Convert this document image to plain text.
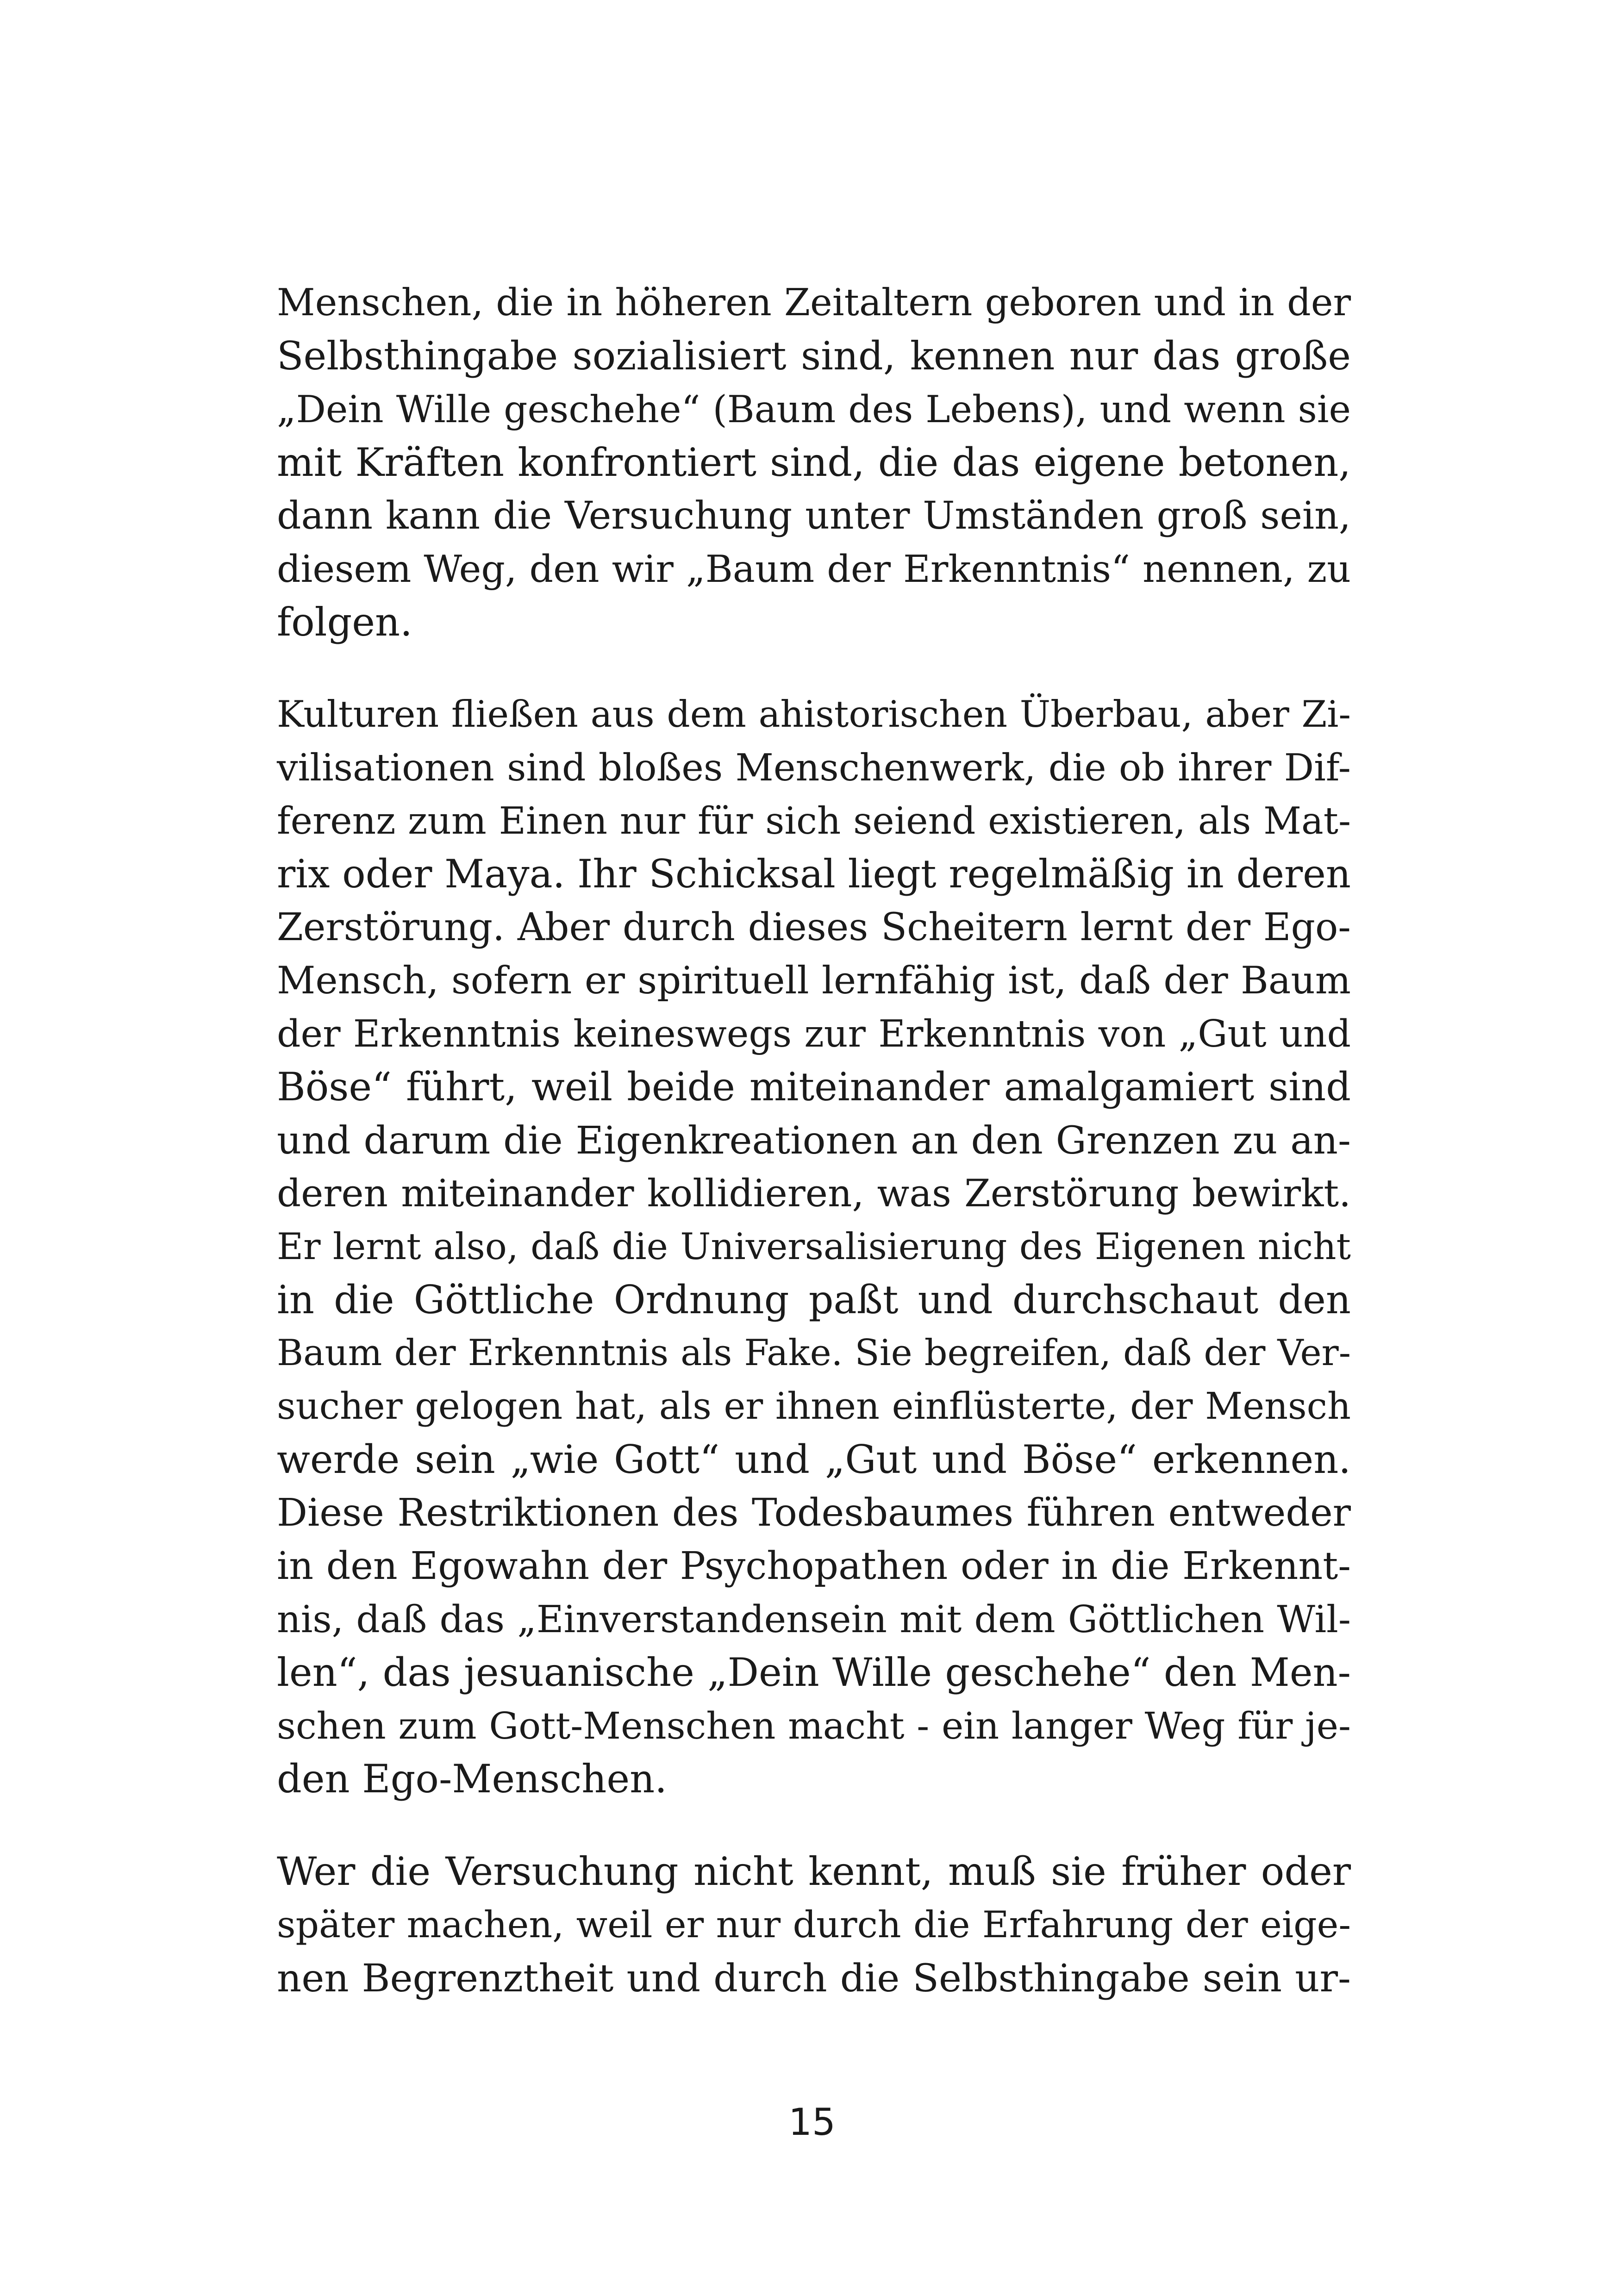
Menschen, die in höheren Zeitaltern geboren und in der
Selbsthingabe sozialisiert sind, kennen nur das große
„Dein Wille geschehe“ (Baum des Lebens), und wenn sie
mit Kräften konfrontiert sind, die das eigene betonen,
dann kann die Versuchung unter Umständen groß sein,
diesem Weg, den wir „Baum der Erkenntnis“ nennen, zu
folgen.
Kulturen fließen aus dem ahistorischen Überbau, aber Zi-
vilisationen sind bloßes Menschenwerk, die ob ihrer Dif-
ferenz zum Einen nur für sich seiend existieren, als Mat-
rix oder Maya. Ihr Schicksal liegt regelmäßig in deren
Zerstörung. Aber durch dieses Scheitern lernt der Ego-
Mensch, sofern er spirituell lernfähig ist, daß der Baum
der Erkenntnis keineswegs zur Erkenntnis von „Gut und
Böse“ führt, weil beide miteinander amalgamiert sind
und darum die Eigenkreationen an den Grenzen zu an-
deren miteinander kollidieren, was Zerstörung bewirkt.
Er lernt also, daß die Universalisierung des Eigenen nicht
in die Göttliche Ordnung paßt und durchschaut den
Baum der Erkenntnis als Fake. Sie begreifen, daß der Ver-
sucher gelogen hat, als er ihnen einflüsterte, der Mensch
werde sein „wie Gott“ und „Gut und Böse“ erkennen.
Diese Restriktionen des Todesbaumes führen entweder
in den Egowahn der Psychopathen oder in die Erkennt-
nis, daß das „Einverstandensein mit dem Göttlichen Wil-
len“, das jesuanische „Dein Wille geschehe“ den Men-
schen zum Gott-Menschen macht - ein langer Weg für je-
den Ego-Menschen.
Wer die Versuchung nicht kennt, muß sie früher oder
später machen, weil er nur durch die Erfahrung der eige-
nen Begrenztheit und durch die Selbsthingabe sein ur-
15
